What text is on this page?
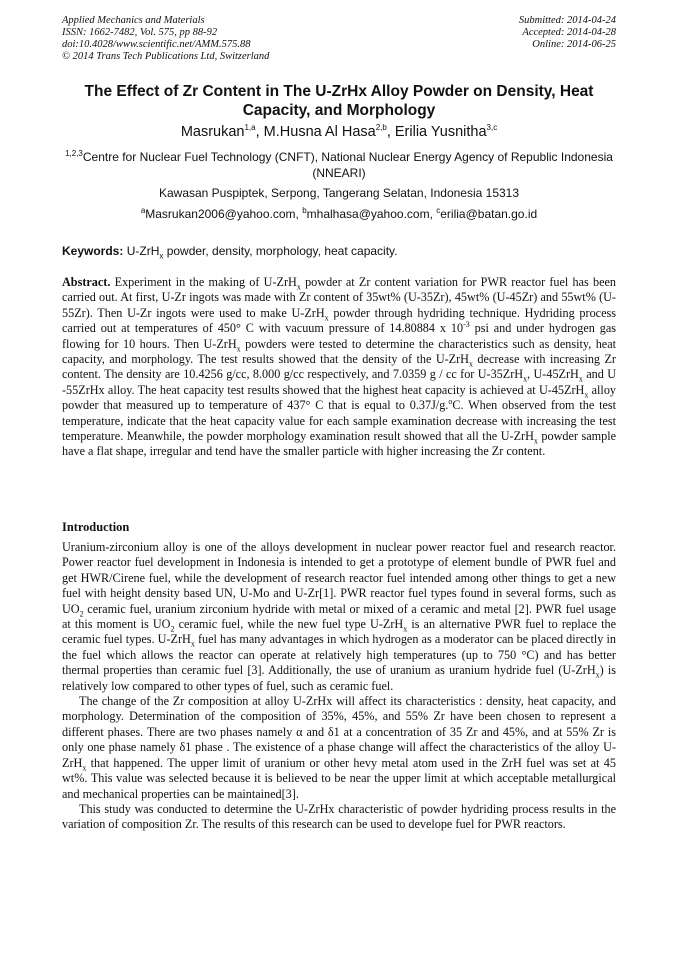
Applied Mechanics and Materials
ISSN: 1662-7482, Vol. 575, pp 88-92
doi:10.4028/www.scientific.net/AMM.575.88
© 2014 Trans Tech Publications Ltd, Switzerland
Submitted: 2014-04-24
Accepted: 2014-04-28
Online: 2014-06-25
The Effect of Zr Content in The U-ZrHx Alloy Powder on Density, Heat Capacity, and Morphology
Masrukan$^{1,a}$, M.Husna Al Hasa$^{2,b}$, Erilia Yusnitha$^{3,c}$
$^{1,2,3}$Centre for Nuclear Fuel Technology (CNFT), National Nuclear Energy Agency of Republic Indonesia (NNEARI)
Kawasan Puspiptek, Serpong, Tangerang Selatan, Indonesia 15313
$^a$Masrukan2006@yahoo.com, $^b$mhalhasa@yahoo.com, $^c$erilia@batan.go.id
Keywords: U-ZrH$_x$ powder, density, morphology, heat capacity.

Abstract. Experiment in the making of U-ZrH$_x$ powder at Zr content variation for PWR reactor fuel has been carried out. At first, U-Zr ingots was made with Zr content of 35wt% (U-35Zr), 45wt% (U-45Zr) and 55wt% (U-55Zr). Then U-Zr ingots were used to make U-ZrH$_x$ powder through hydriding technique. Hydriding process carried out at temperatures of 450° C with vacuum pressure of 14.80884 x $10^{-3}$ psi and under hydrogen gas flowing for 10 hours. Then U-ZrH$_x$ powders were tested to determine the characteristics such as density, heat capacity, and morphology. The test results showed that the density of the U-ZrH$_x$ decrease with increasing Zr content. The density are 10.4256 g/cc, 8.000 g/cc respectively, and 7.0359 g / cc for U-35ZrH$_x$, U-45ZrH$_x$ and U -55ZrHx alloy. The heat capacity test results showed that the highest heat capacity is achieved at U-45ZrH$_x$ alloy powder that measured up to temperature of 437° C that is equal to 0.37J/g.$^o$C. When observed from the test temperature, indicate that the heat capacity value for each sample examination decrease with increasing the test temperature. Meanwhile, the powder morphology examination result showed that all the U-ZrH$_x$ powder sample have a flat shape, irregular and tend have the smaller particle with higher increasing the Zr content.

Introduction

Uranium-zirconium alloy is one of the alloys development in nuclear power reactor fuel and research reactor. Power reactor fuel development in Indonesia is intended to get a prototype of element bundle of PWR fuel and get HWR/Cirene fuel, while the development of research reactor fuel intended among other things to get a new fuel with height density based UN, U-Mo and U-Zr[1]. PWR reactor fuel types found in several forms, such as $UO_2$ ceramic fuel, uranium zirconium hydride with metal or mixed of a ceramic and metal [2]. PWR fuel usage at this moment is $UO_2$ ceramic fuel, while the new fuel type U-ZrH$_x$ is an alternative PWR fuel to replace the ceramic fuel types. U-ZrH$_x$ fuel has many advantages in which hydrogen as a moderator can be placed directly in the fuel which allows the reactor can operate at relatively high temperatures (up to 750 °C) and has better thermal properties than ceramic fuel [3]. Additionally, the use of uranium as uranium hydride fuel (U-ZrH$_x$) is relatively low compared to other types of fuel, such as ceramic fuel.

The change of the Zr composition at alloy U-ZrHx will affect its characteristics : density, heat capacity, and morphology. Determination of the composition of 35%, 45%, and 55% Zr have been chosen to represent a different phases. There are two phases namely α and δ1 at a concentration of 35 Zr and 45%, and at 55% Zr is only one phase namely δ1 phase . The existence of a phase change will affect the characteristics of the alloy U-ZrH$_x$ that happened. The upper limit of uranium or other hevy metal atom used in the ZrH fuel was set at 45 wt%. This value was selected because it is believed to be near the upper limit at which acceptable metallurgical and mechanical properties can be maintained[3].

This study was conducted to determine the U-ZrHx characteristic of powder hydriding process results in the variation of composition Zr. The results of this research can be used to develope fuel for PWR reactors.
